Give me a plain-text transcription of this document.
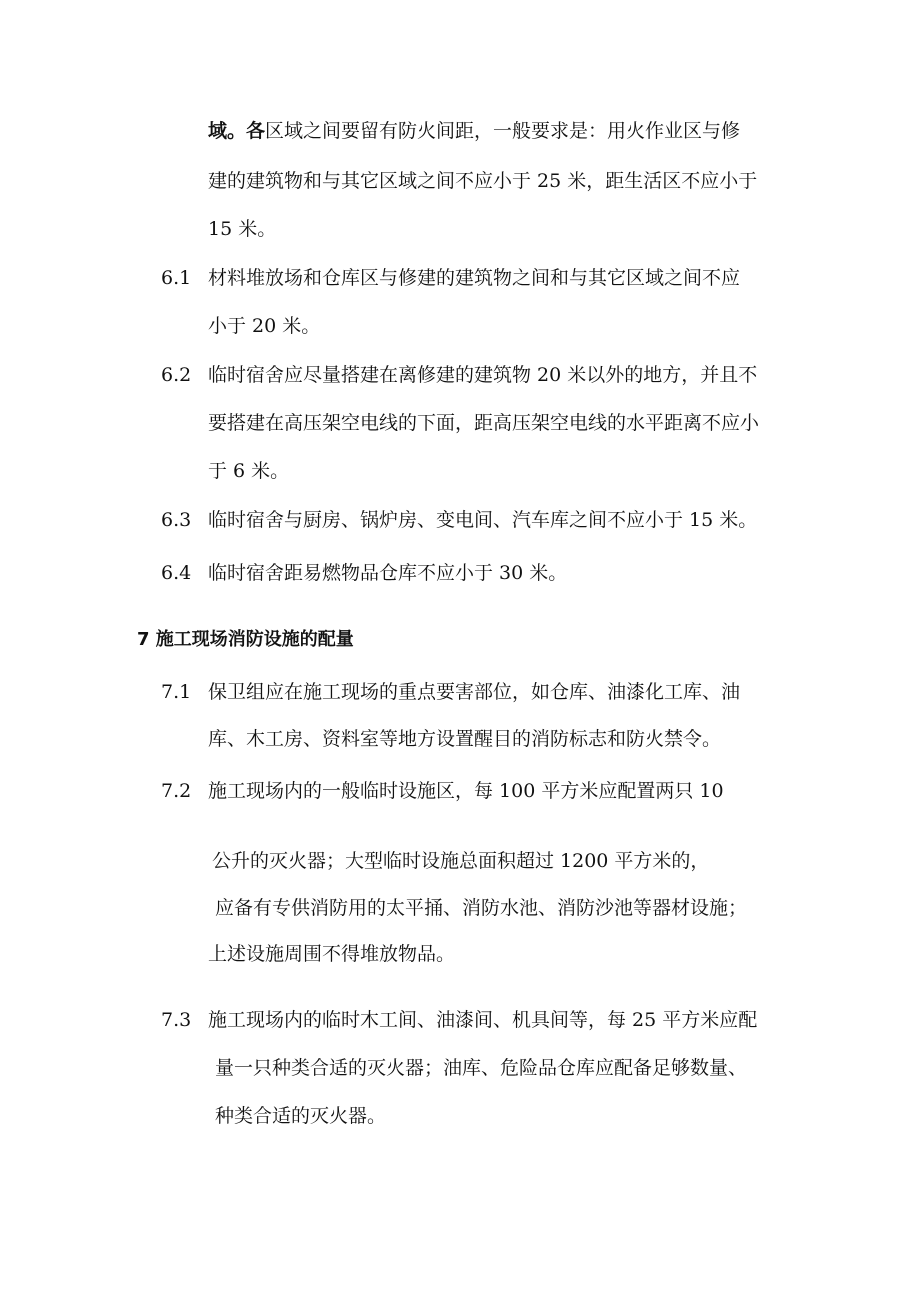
域。各区域之间要留有防火间距，一般要求是：用火作业区与修
建的建筑物和与其它区域之间不应小于 25 米，距生活区不应小于
15 米。
6.1 材料堆放场和仓库区与修建的建筑物之间和与其它区域之间不应
小于 20 米。
6.2 临时宿舍应尽量搭建在离修建的建筑物 20 米以外的地方，并且不
要搭建在高压架空电线的下面，距高压架空电线的水平距离不应小
于 6 米。
6.3 临时宿舍与厨房、锅炉房、变电间、汽车库之间不应小于 15 米。
6.4 临时宿舍距易燃物品仓库不应小于 30 米。
7 施工现场消防设施的配量
7.1 保卫组应在施工现场的重点要害部位，如仓库、油漆化工库、油
库、木工房、资料室等地方设置醒目的消防标志和防火禁令。
7.2 施工现场内的一般临时设施区，每 100 平方米应配置两只 10
公升的灭火器；大型临时设施总面积超过 1200 平方米的，
应备有专供消防用的太平捅、消防水池、消防沙池等器材设施；
上述设施周围不得堆放物品。
7.3 施工现场内的临时木工间、油漆间、机具间等，每 25 平方米应配
量一只种类合适的灭火器；油库、危险品仓库应配备足够数量、
种类合适的灭火器。
